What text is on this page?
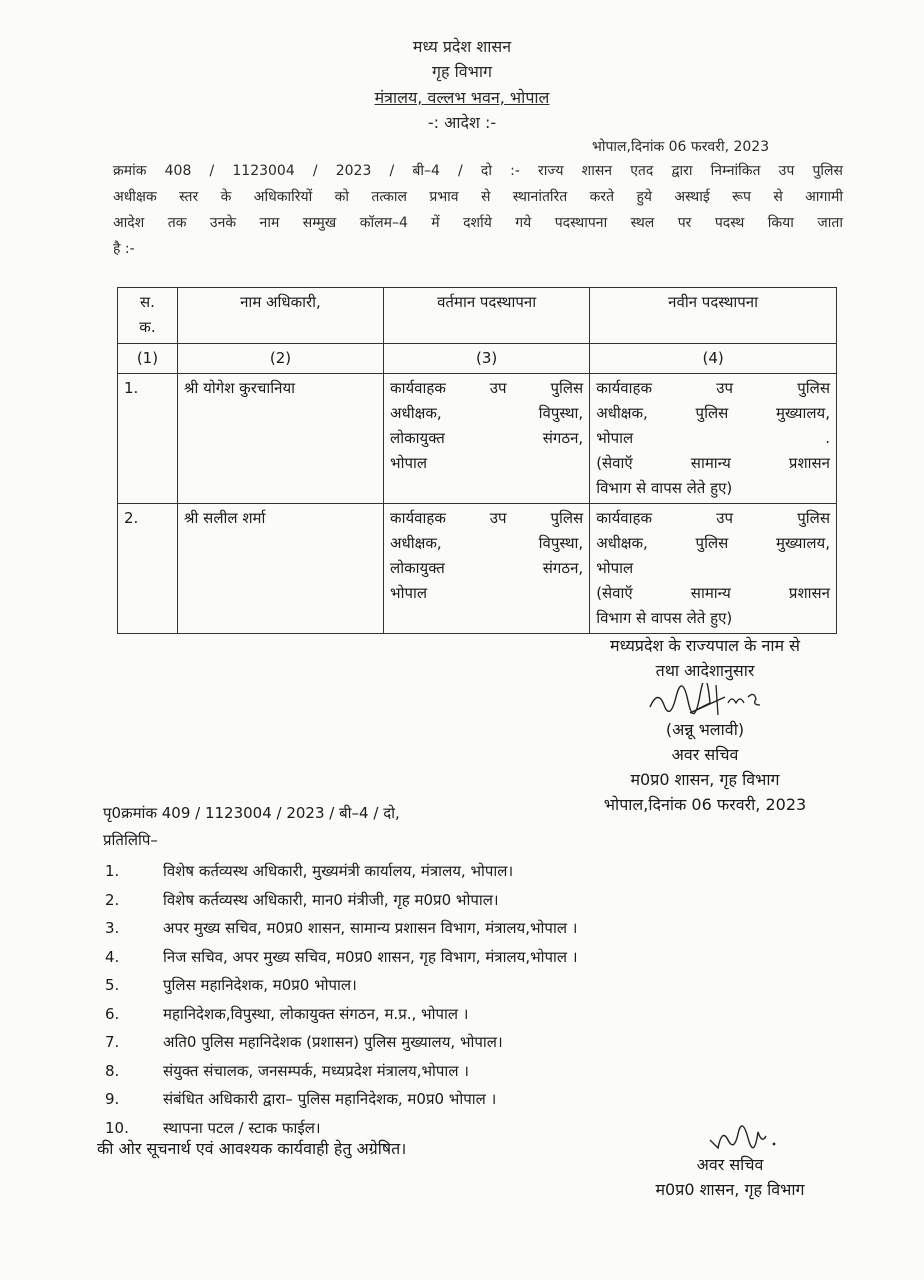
मध्य प्रदेश शासन
गृह विभाग
मंत्रालय, वल्लभ भवन, भोपाल
-: आदेश :-
भोपाल,दिनांक 06 फरवरी, 2023
क्रमांक 408 / 1123004 / 2023 / बी–4 / दो :- राज्य शासन एतद द्वारा निम्नांकित उप पुलिस
अधीक्षक स्तर के अधिकारियों को तत्काल प्रभाव से स्थानांतरित करते हुये अस्थाई रूप से आगामी
आदेश तक उनके नाम सम्मुख कॉलम–4 में दर्शाये गये पदस्थापना स्थल पर पदस्थ किया जाता
है :-
स.
क.
	नाम अधिकारी,	वर्तमान पदस्थापना	नवीन पदस्थापना
(1)	(2)	(3)	(4)
1.	श्री योगेश कुरचानिया	कार्यवाहक उप पुलिस
अधीक्षक, विपुस्था,
लोकायुक्त संगठन,
भोपाल

कार्यवाहक उप पुलिस
अधीक्षक, पुलिस मुख्यालय,
भोपाल .
(सेवाऍ सामान्य प्रशासन
विभाग से वापस लेते हुए)

2.	श्री सलील शर्मा	कार्यवाहक उप पुलिस
अधीक्षक, विपुस्था,
लोकायुक्त संगठन,
भोपाल

कार्यवाहक उप पुलिस
अधीक्षक, पुलिस मुख्यालय,
भोपाल
(सेवाऍ सामान्य प्रशासन
विभाग से वापस लेते हुए)
मध्यप्रदेश के राज्यपाल के नाम से
तथा आदेशानुसार
(अन्नू भलावी)
अवर सचिव
म0प्र0 शासन, गृह विभाग
भोपाल,दिनांक 06 फरवरी, 2023
पृ0क्रमांक 409 / 1123004 / 2023 / बी–4 / दो,
प्रतिलिपि–
1.	विशेष कर्तव्यस्थ अधिकारी, मुख्यमंत्री कार्यालय, मंत्रालय, भोपाल।
2.	विशेष कर्तव्यस्थ अधिकारी, मान0 मंत्रीजी, गृह म0प्र0 भोपाल।
3.	अपर मुख्य सचिव, म0प्र0 शासन, सामान्य प्रशासन विभाग, मंत्रालय,भोपाल ।
4.	निज सचिव, अपर मुख्य सचिव, म0प्र0 शासन, गृह विभाग, मंत्रालय,भोपाल ।
5.	पुलिस महानिदेशक, म0प्र0 भोपाल।
6.	महानिदेशक,विपुस्था, लोकायुक्त संगठन, म.प्र., भोपाल ।
7.	अति0 पुलिस महानिदेशक (प्रशासन) पुलिस मुख्यालय, भोपाल।
8.	संयुक्त संचालक, जनसम्पर्क, मध्यप्रदेश मंत्रालय,भोपाल ।
9.	संबंधित अधिकारी द्वारा– पुलिस महानिदेशक, म0प्र0 भोपाल ।
10. स्थापना पटल / स्टाक फाईल।
की ओर सूचनार्थ एवं आवश्यक कार्यवाही हेतु अग्रेषित।
अवर सचिव
म0प्र0 शासन, गृह विभाग
